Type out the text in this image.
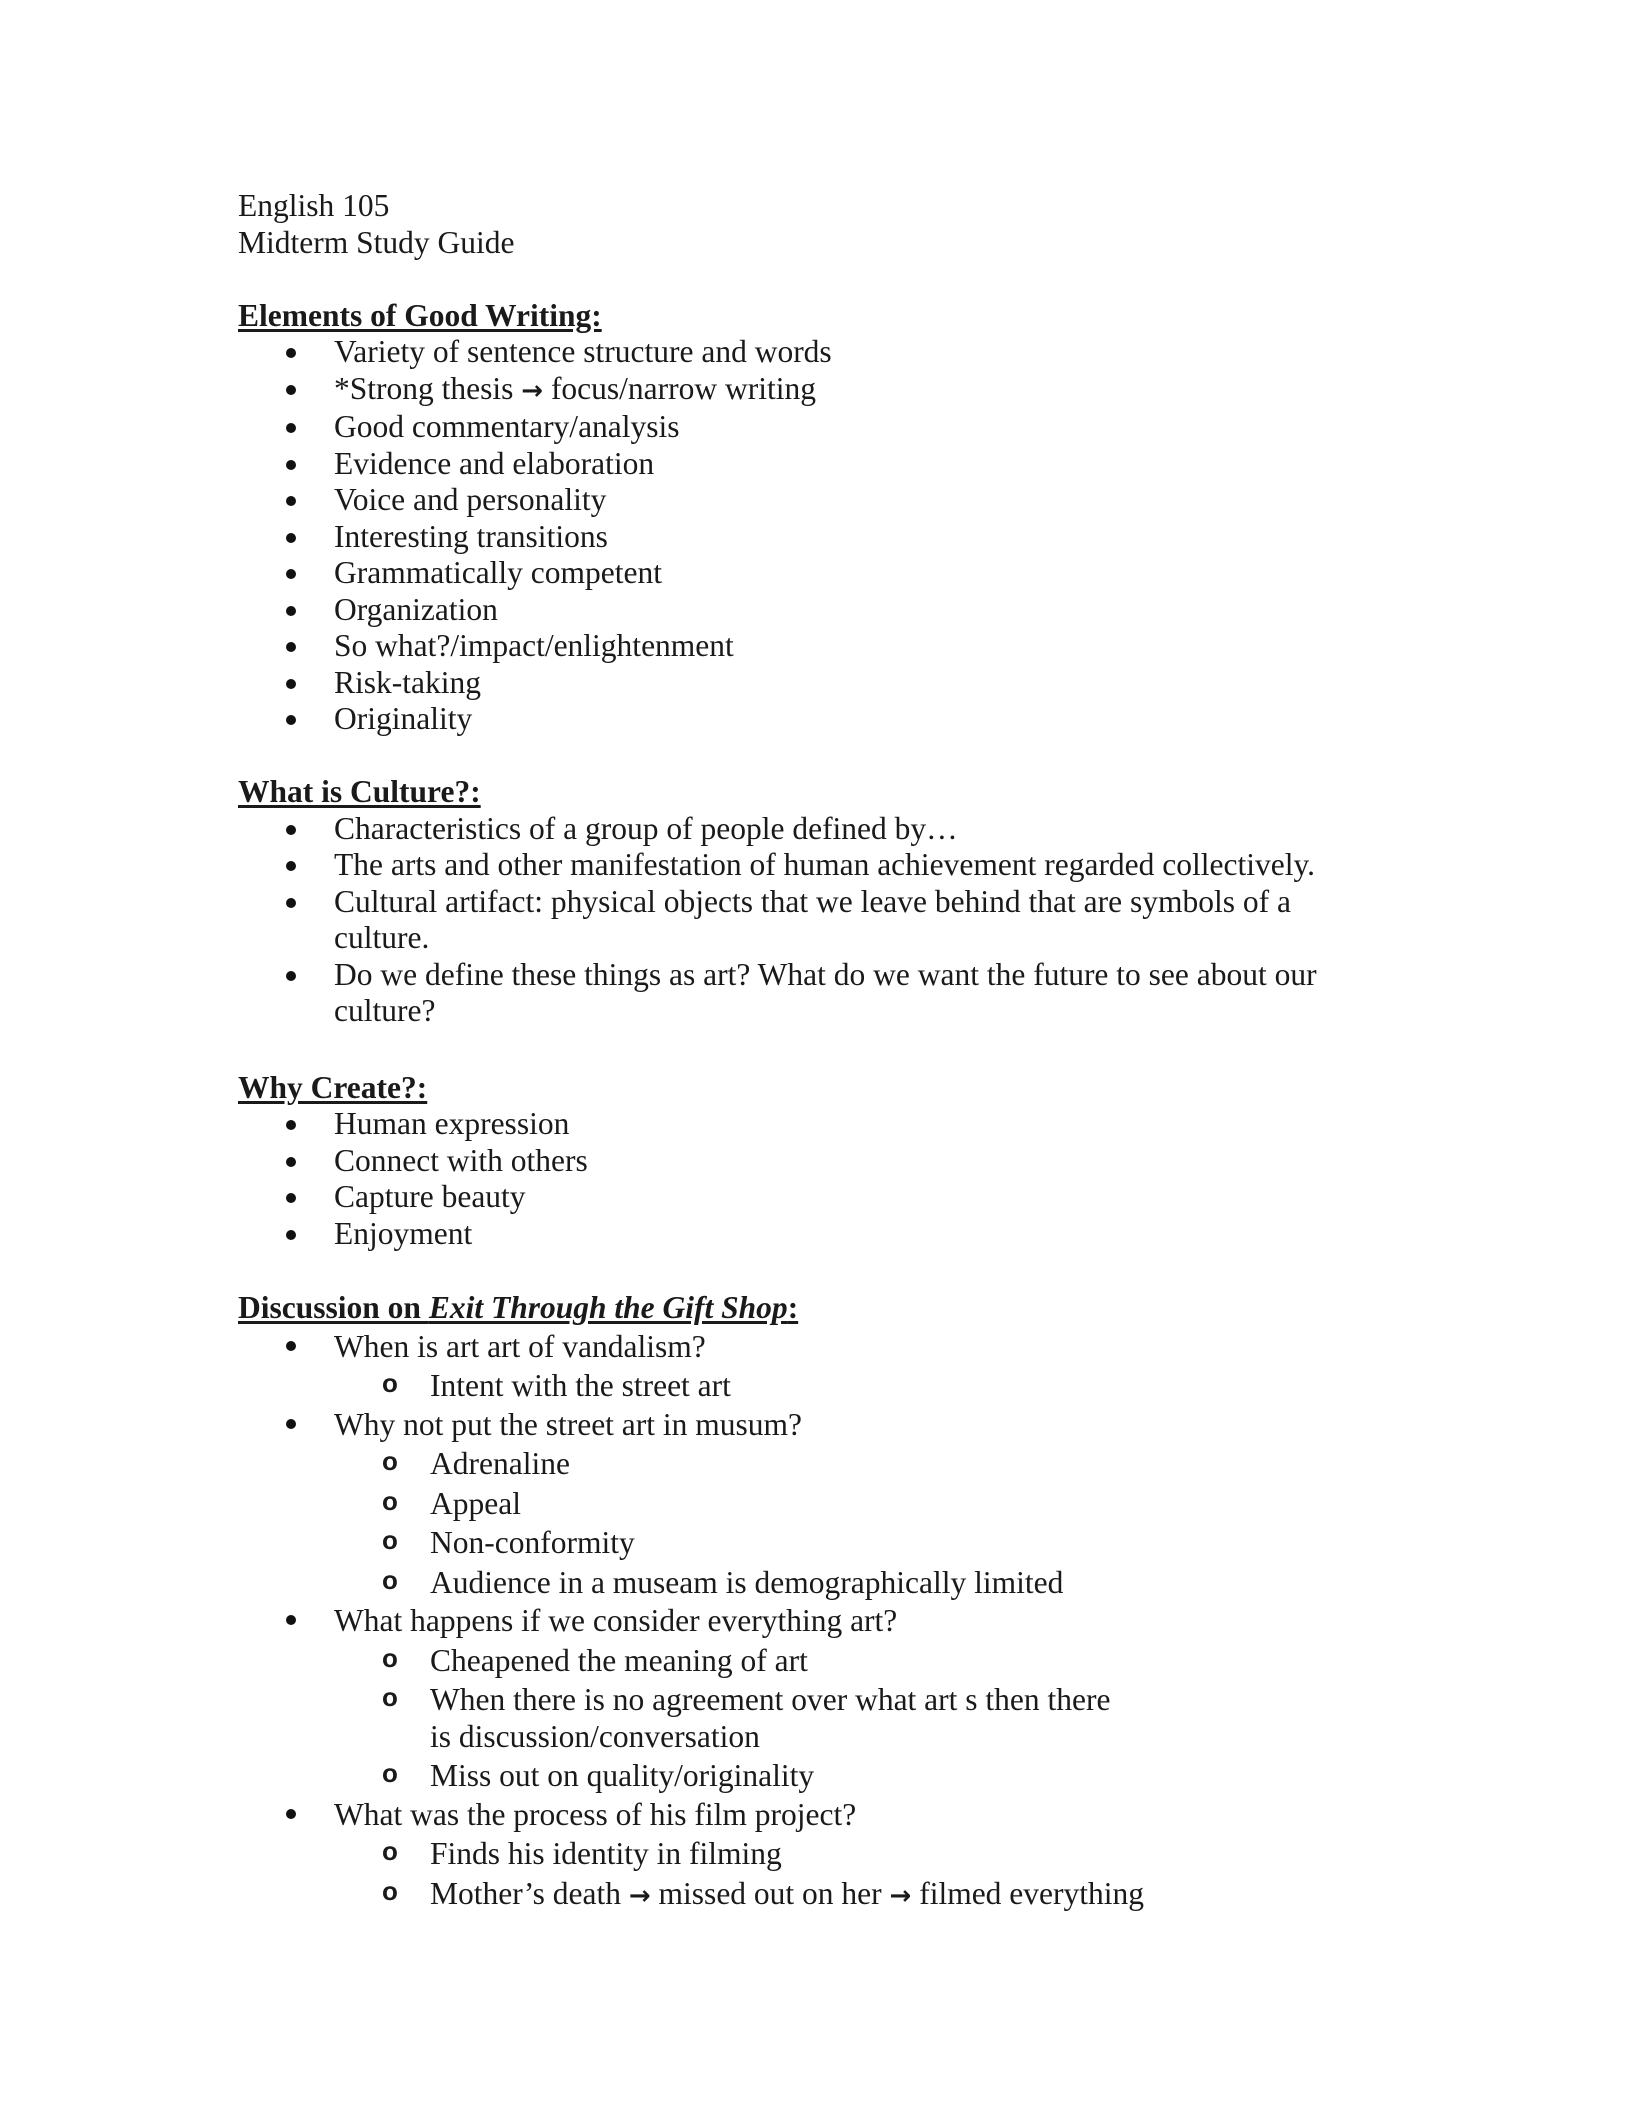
English 105
Midterm Study Guide
Elements of Good Writing:
Variety of sentence structure and words
*Strong thesis → focus/narrow writing
Good commentary/analysis
Evidence and elaboration
Voice and personality
Interesting transitions
Grammatically competent
Organization
So what?/impact/enlightenment
Risk-taking
Originality
What is Culture?:
Characteristics of a group of people defined by…
The arts and other manifestation of human achievement regarded collectively.
Cultural artifact: physical objects that we leave behind that are symbols of a culture.
Do we define these things as art? What do we want the future to see about our culture?
Why Create?:
Human expression
Connect with others
Capture beauty
Enjoyment
Discussion on Exit Through the Gift Shop:
When is art art of vandalism?
o Intent with the street art
Why not put the street art in musum?
o Adrenaline
o Appeal
o Non-conformity
o Audience in a museam is demographically limited
What happens if we consider everything art?
o Cheapened the meaning of art
o When there is no agreement over what art s then there is discussion/conversation
o Miss out on quality/originality
What was the process of his film project?
o Finds his identity in filming
o Mother’s death → missed out on her → filmed everything
